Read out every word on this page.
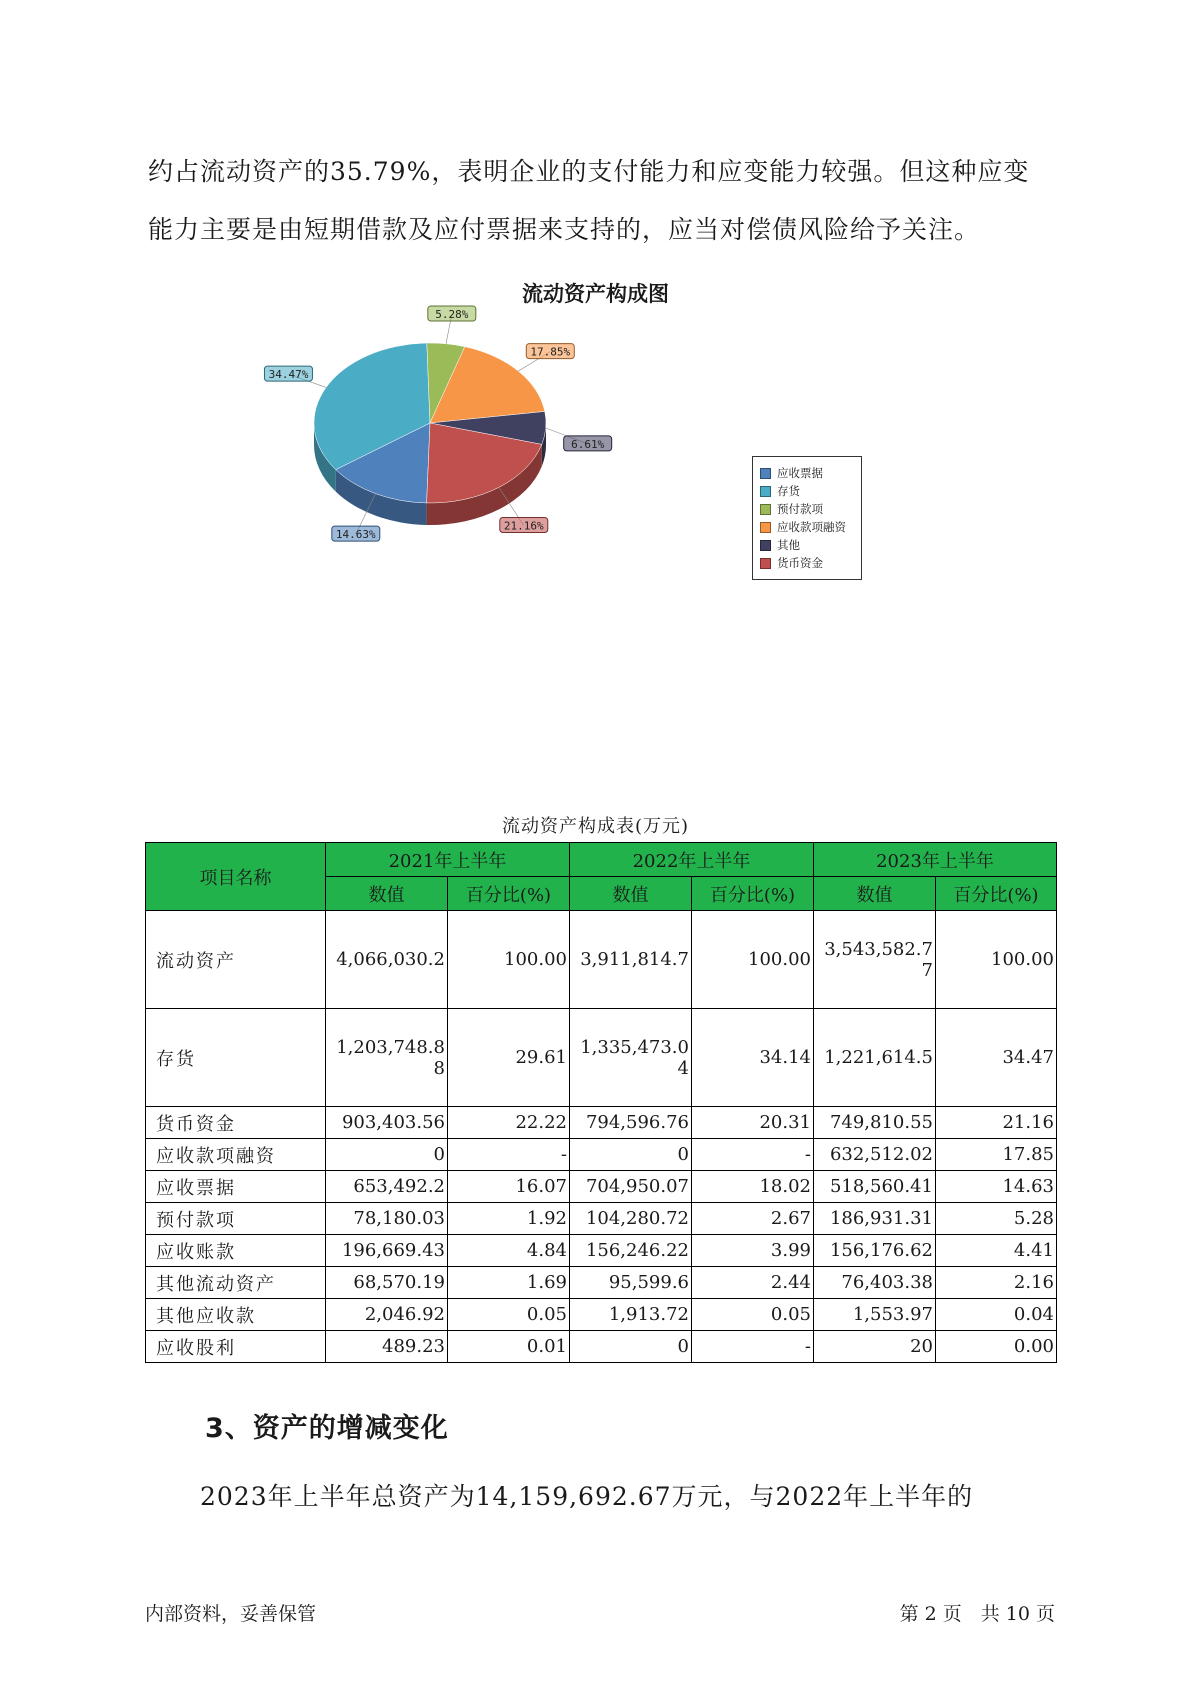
约占流动资产的35.79%，表明企业的支付能力和应变能力较强。但这种应变能力主要是由短期借款及应付票据来支持的，应当对偿债风险给予关注。

流动资产构成图
14.63%
34.47%
5.28%
17.85%
6.61%
21.16%
应收票据
存货
预付款项
应收款项融资
其他
货币资金
流动资产构成表(万元)
项目名称	2021年上半年		2022年上半年		2023年上半年	
	数值	百分比(%)	数值	百分比(%)	数值	百分比(%)
流动资产	4,066,030.2	100.00	3,911,814.7	100.00	3,543,582.77	100.00
存货	1,203,748.88	29.61	1,335,473.04	34.14	1,221,614.5	34.47
货币资金	903,403.56	22.22	794,596.76	20.31	749,810.55	21.16
应收款项融资	0	-	0	-	632,512.02	17.85
应收票据	653,492.2	16.07	704,950.07	18.02	518,560.41	14.63
预付款项	78,180.03	1.92	104,280.72	2.67	186,931.31	5.28
应收账款	196,669.43	4.84	156,246.22	3.99	156,176.62	4.41
其他流动资产	68,570.19	1.69	95,599.6	2.44	76,403.38	2.16
其他应收款	2,046.92	0.05	1,913.72	0.05	1,553.97	0.04
应收股利	489.23	0.01	0	-	20	0.00
3、资产的增减变化

2023年上半年总资产为14,159,692.67万元，与2022年上半年的

内部资料，妥善保管	第 2 页　共 10 页
